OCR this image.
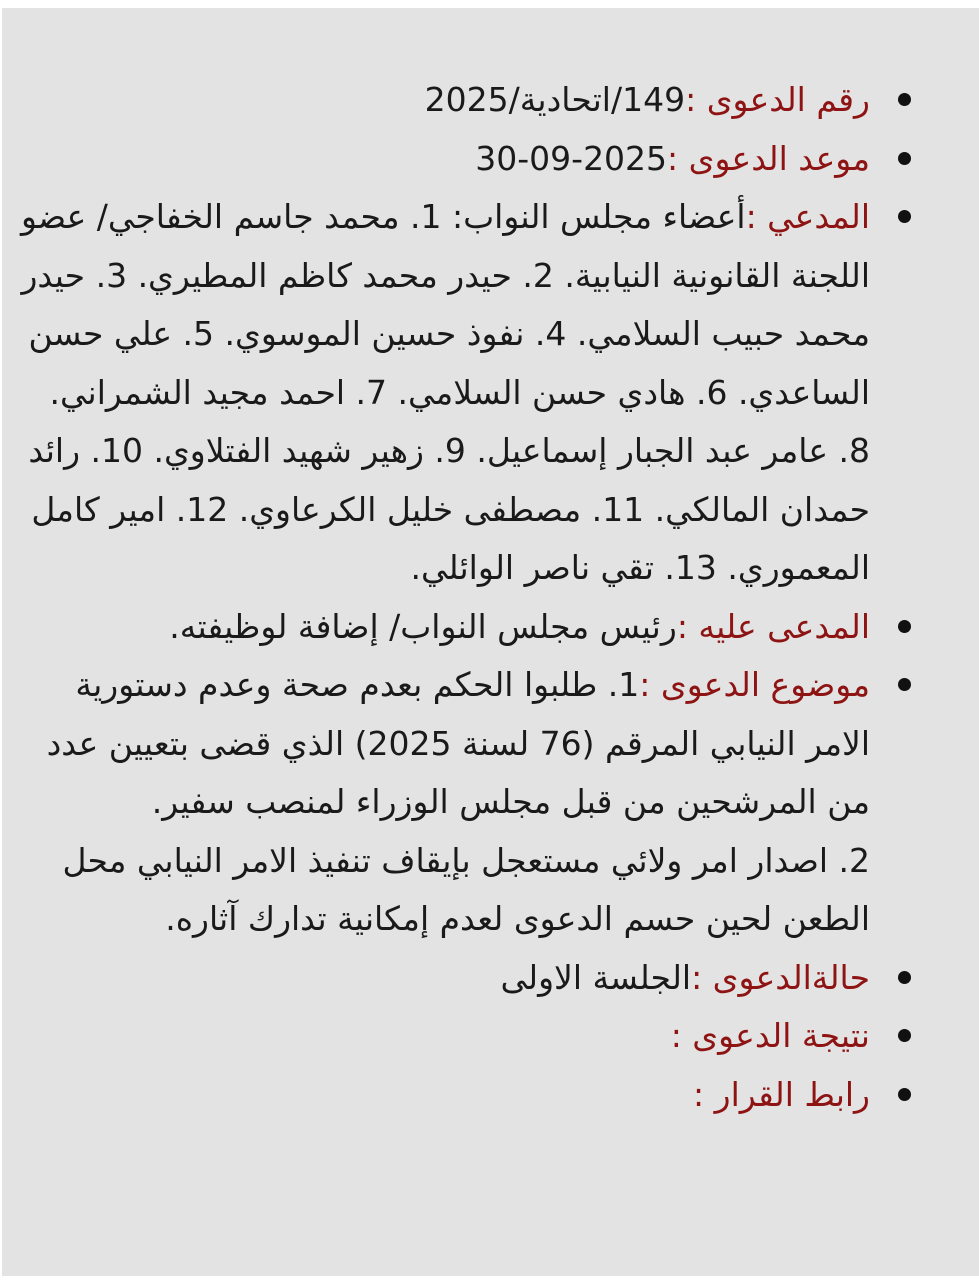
رقم الدعوى :149/اتحادية/2025
موعد الدعوى :2025-09-30
المدعي :أعضاء مجلس النواب: 1. محمد جاسم الخفاجي/ عضو اللجنة القانونية النيابية. 2. حيدر محمد كاظم المطيري. 3. حيدر محمد حبيب السلامي. 4. نفوذ حسين الموسوي. 5. علي حسن الساعدي. 6. هادي حسن السلامي. 7. احمد مجيد الشمراني. 8. عامر عبد الجبار إسماعيل. 9. زهير شهيد الفتلاوي. 10. رائد حمدان المالكي. 11. مصطفى خليل الكرعاوي. 12. امير كامل المعموري. 13. تقي ناصر الوائلي.
المدعى عليه :رئيس مجلس النواب/ إضافة لوظيفته.
موضوع الدعوى :1. طلبوا الحكم بعدم صحة وعدم دستورية الامر النيابي المرقم (76 لسنة 2025) الذي قضى بتعيين عدد من المرشحين من قبل مجلس الوزراء لمنصب سفير.
2. اصدار امر ولائي مستعجل بإيقاف تنفيذ الامر النيابي محل الطعن لحين حسم الدعوى لعدم إمكانية تدارك آثاره.
حالةالدعوى :الجلسة الاولى
نتيجة الدعوى :
رابط القرار :
